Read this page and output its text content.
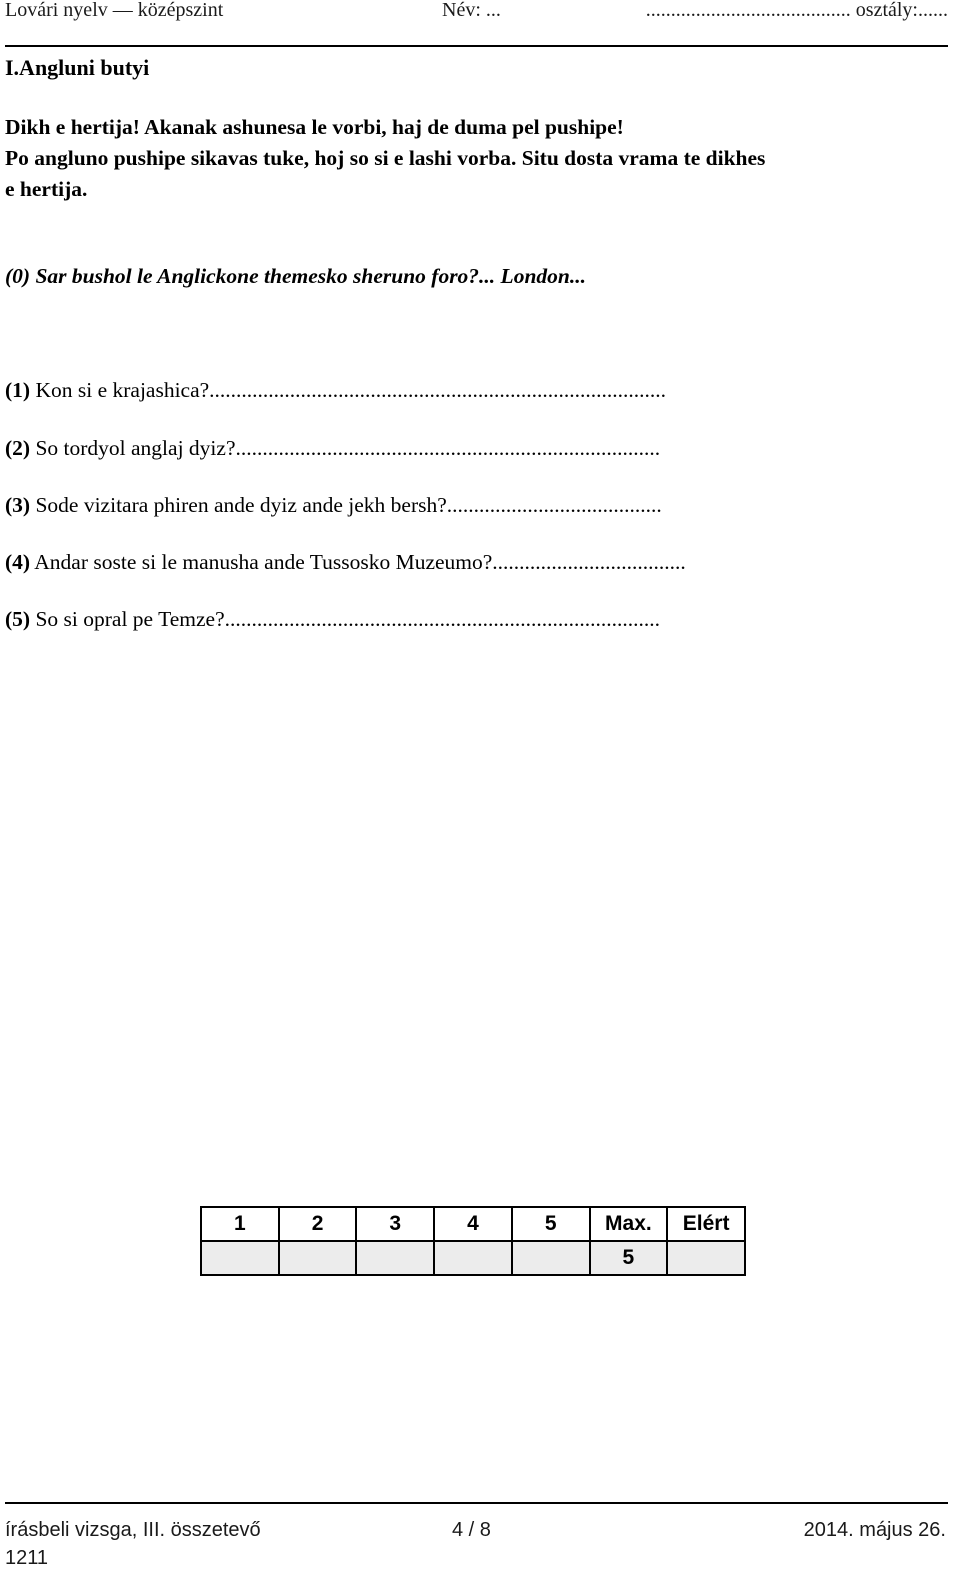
Lovári nyelv — középszint	Név: ...	......................................... osztály:......
I.Angluni butyi
Dikh e hertija! Akanak ashunesa le vorbi, haj de duma pel pushipe!
Po angluno pushipe sikavas tuke, hoj so si e lashi vorba. Situ dosta vrama te dikhes
e hertija.
(0) Sar bushol le Anglickone themesko sheruno foro?... London...
(1) Kon si e krajashica?.....................................................................................
(2) So tordyol anglaj dyiz?...............................................................................
(3) Sode vizitara phiren ande dyiz ande jekh bersh?........................................
(4) Andar soste si le manusha ande Tussosko Muzeumo?....................................
(5) So si opral pe Temze?.................................................................................
1	2	3	4	5	Max.	Elért
					5	
írásbeli vizsga, III. összetevő	4 / 8	2014. május 26.
1211
